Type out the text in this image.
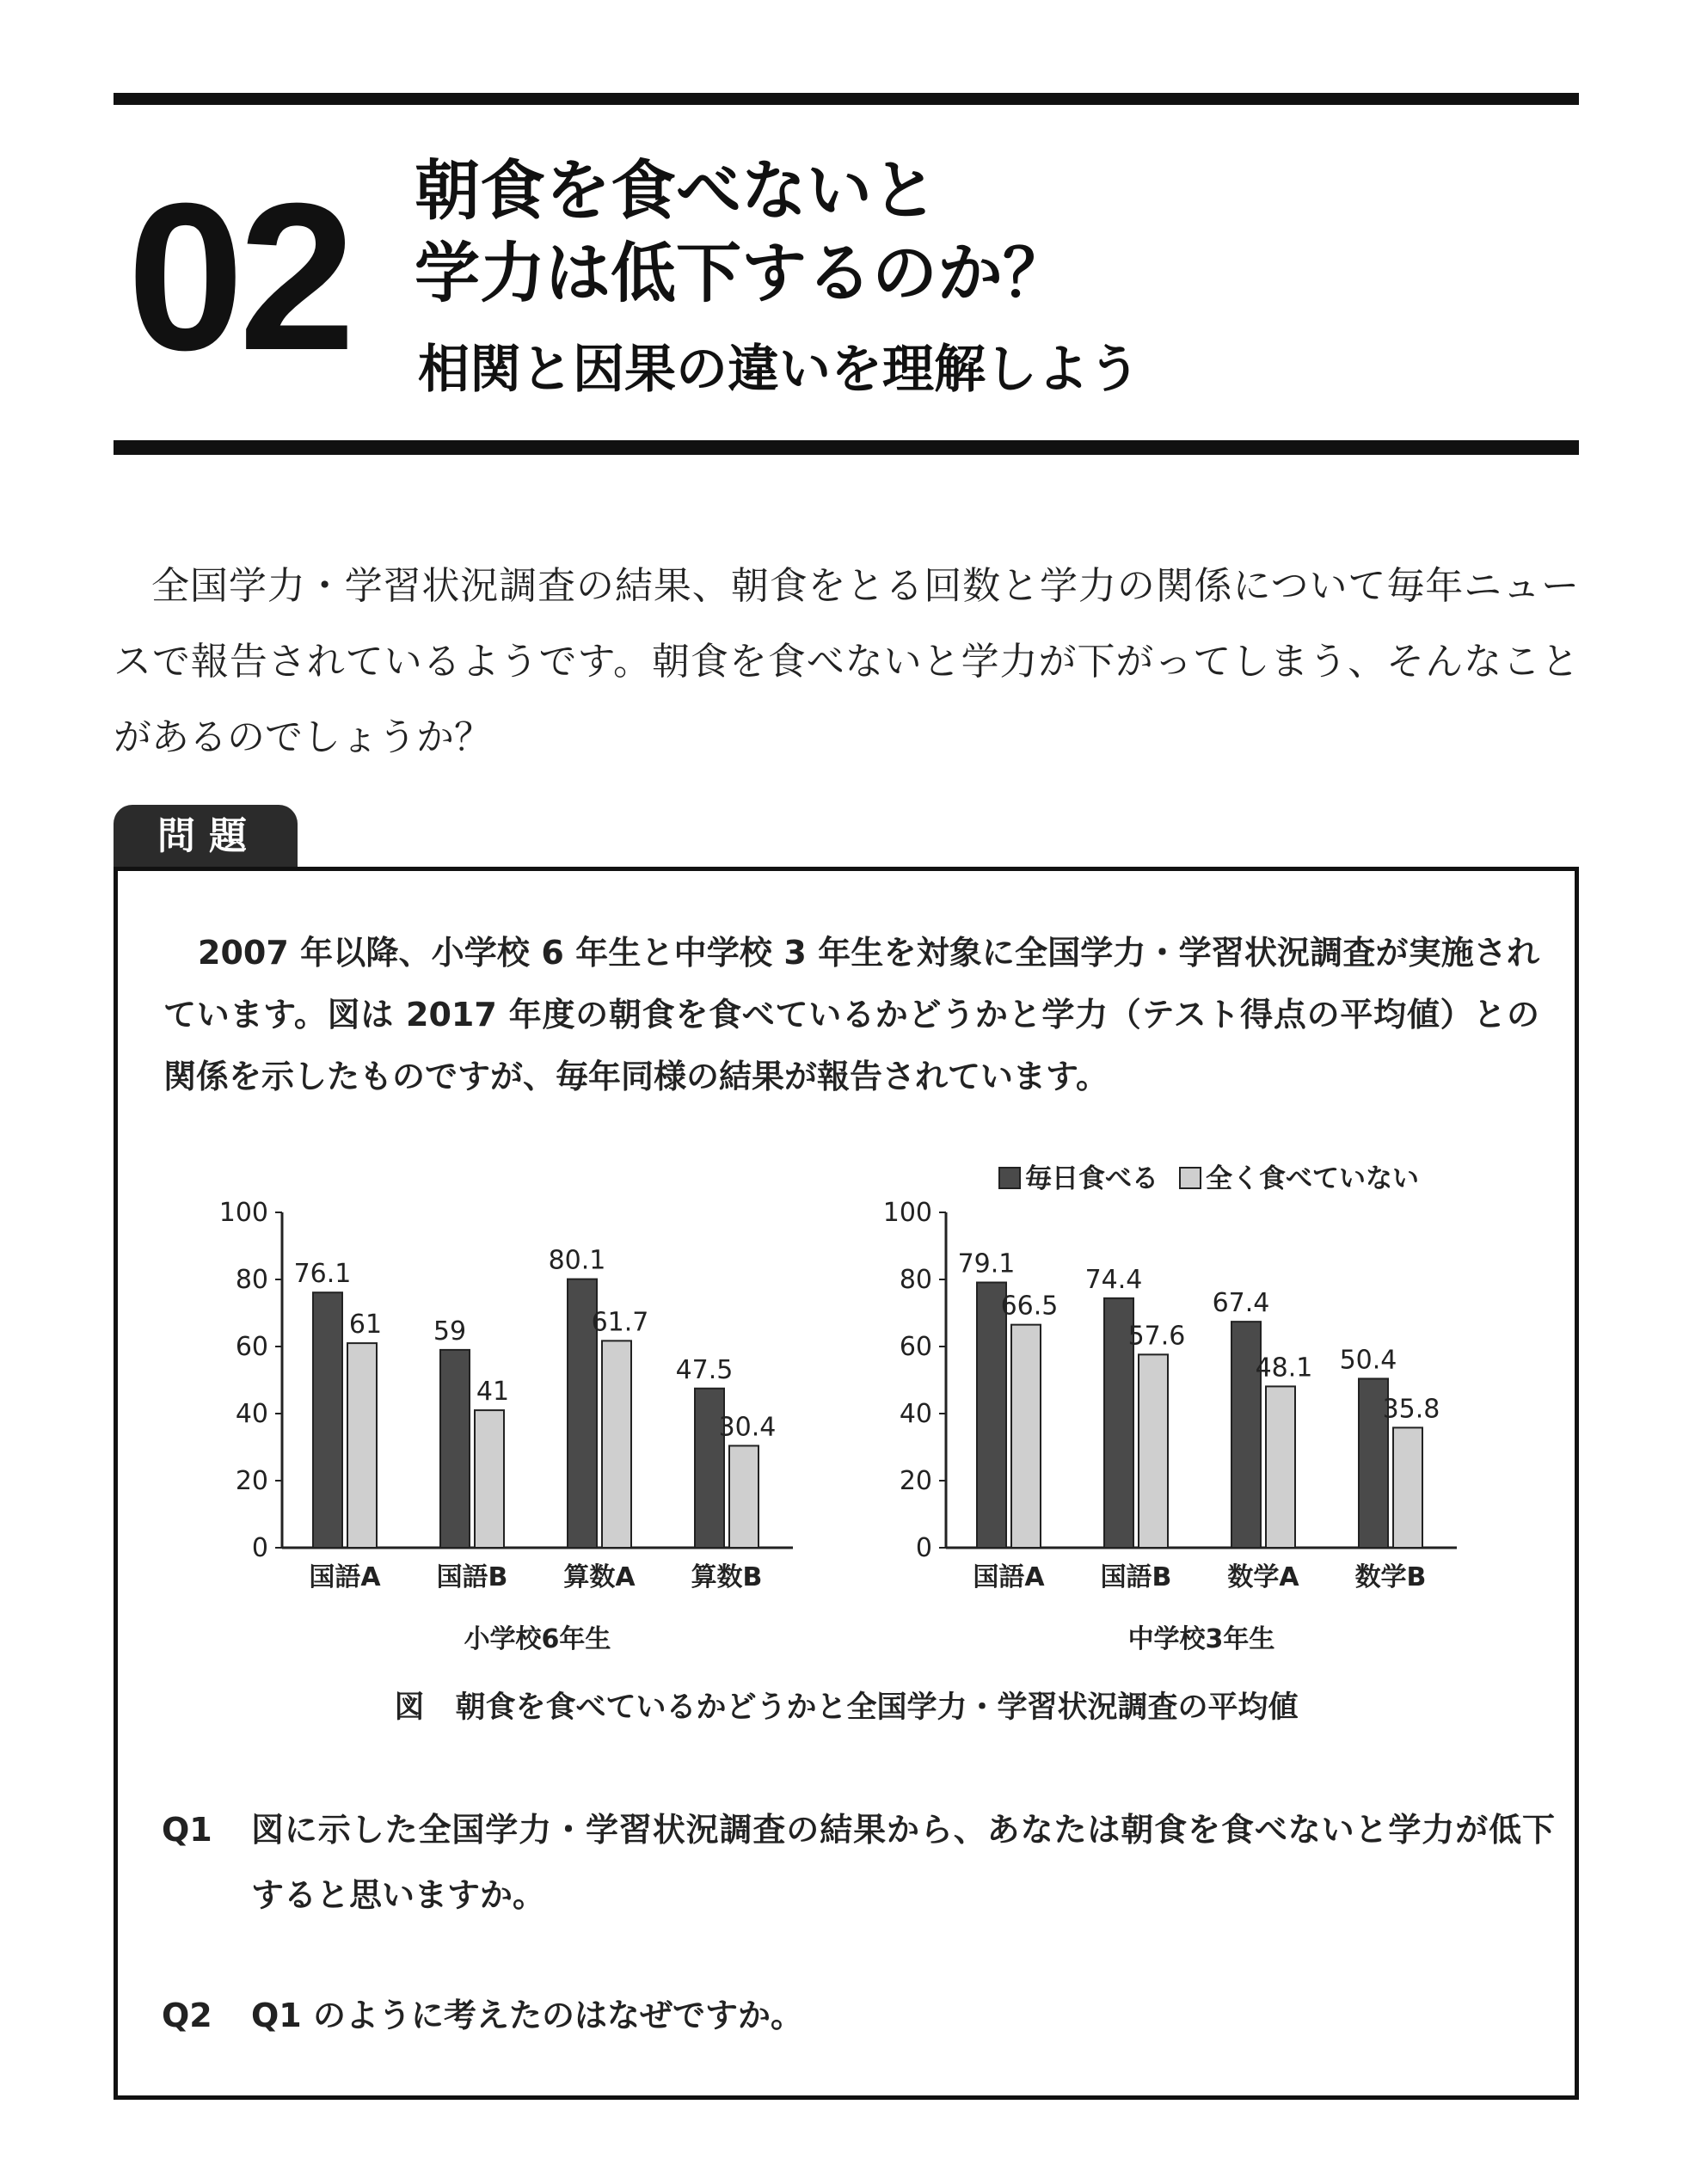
02 朝食を食べないと
学力は低下するのか？
相関と因果の違いを理解しよう

全国学力・学習状況調査の結果、朝食をとる回数と学力の関係について毎年ニュースで報告されているようです。朝食を食べないと学力が下がってしまう、そんなことがあるのでしょうか？

問題

2007 年以降、小学校 6 年生と中学校 3 年生を対象に全国学力・学習状況調査が実施されています。図は 2017 年度の朝食を食べているかどうかと学力（テスト得点の平均値）との関係を示したものですが、毎年同様の結果が報告されています。

0
20
40
60
80
100
76.1
61
国語A
59
41
国語B
80.1
61.7
算数A
47.5
30.4
算数B
小学校6年生
0
20
40
60
80
100
79.1
66.5
国語A
74.4
57.6
国語B
67.4
48.1
数学A
50.4
35.8
数学B
中学校3年生
毎日食べる 全く食べていない
図 朝食を食べているかどうかと全国学力・学習状況調査の平均値
Q1	図に示した全国学力・学習状況調査の結果から、あなたは朝食を食べないと学力が低下すると思いますか。
Q2	Q1 のように考えたのはなぜですか。
